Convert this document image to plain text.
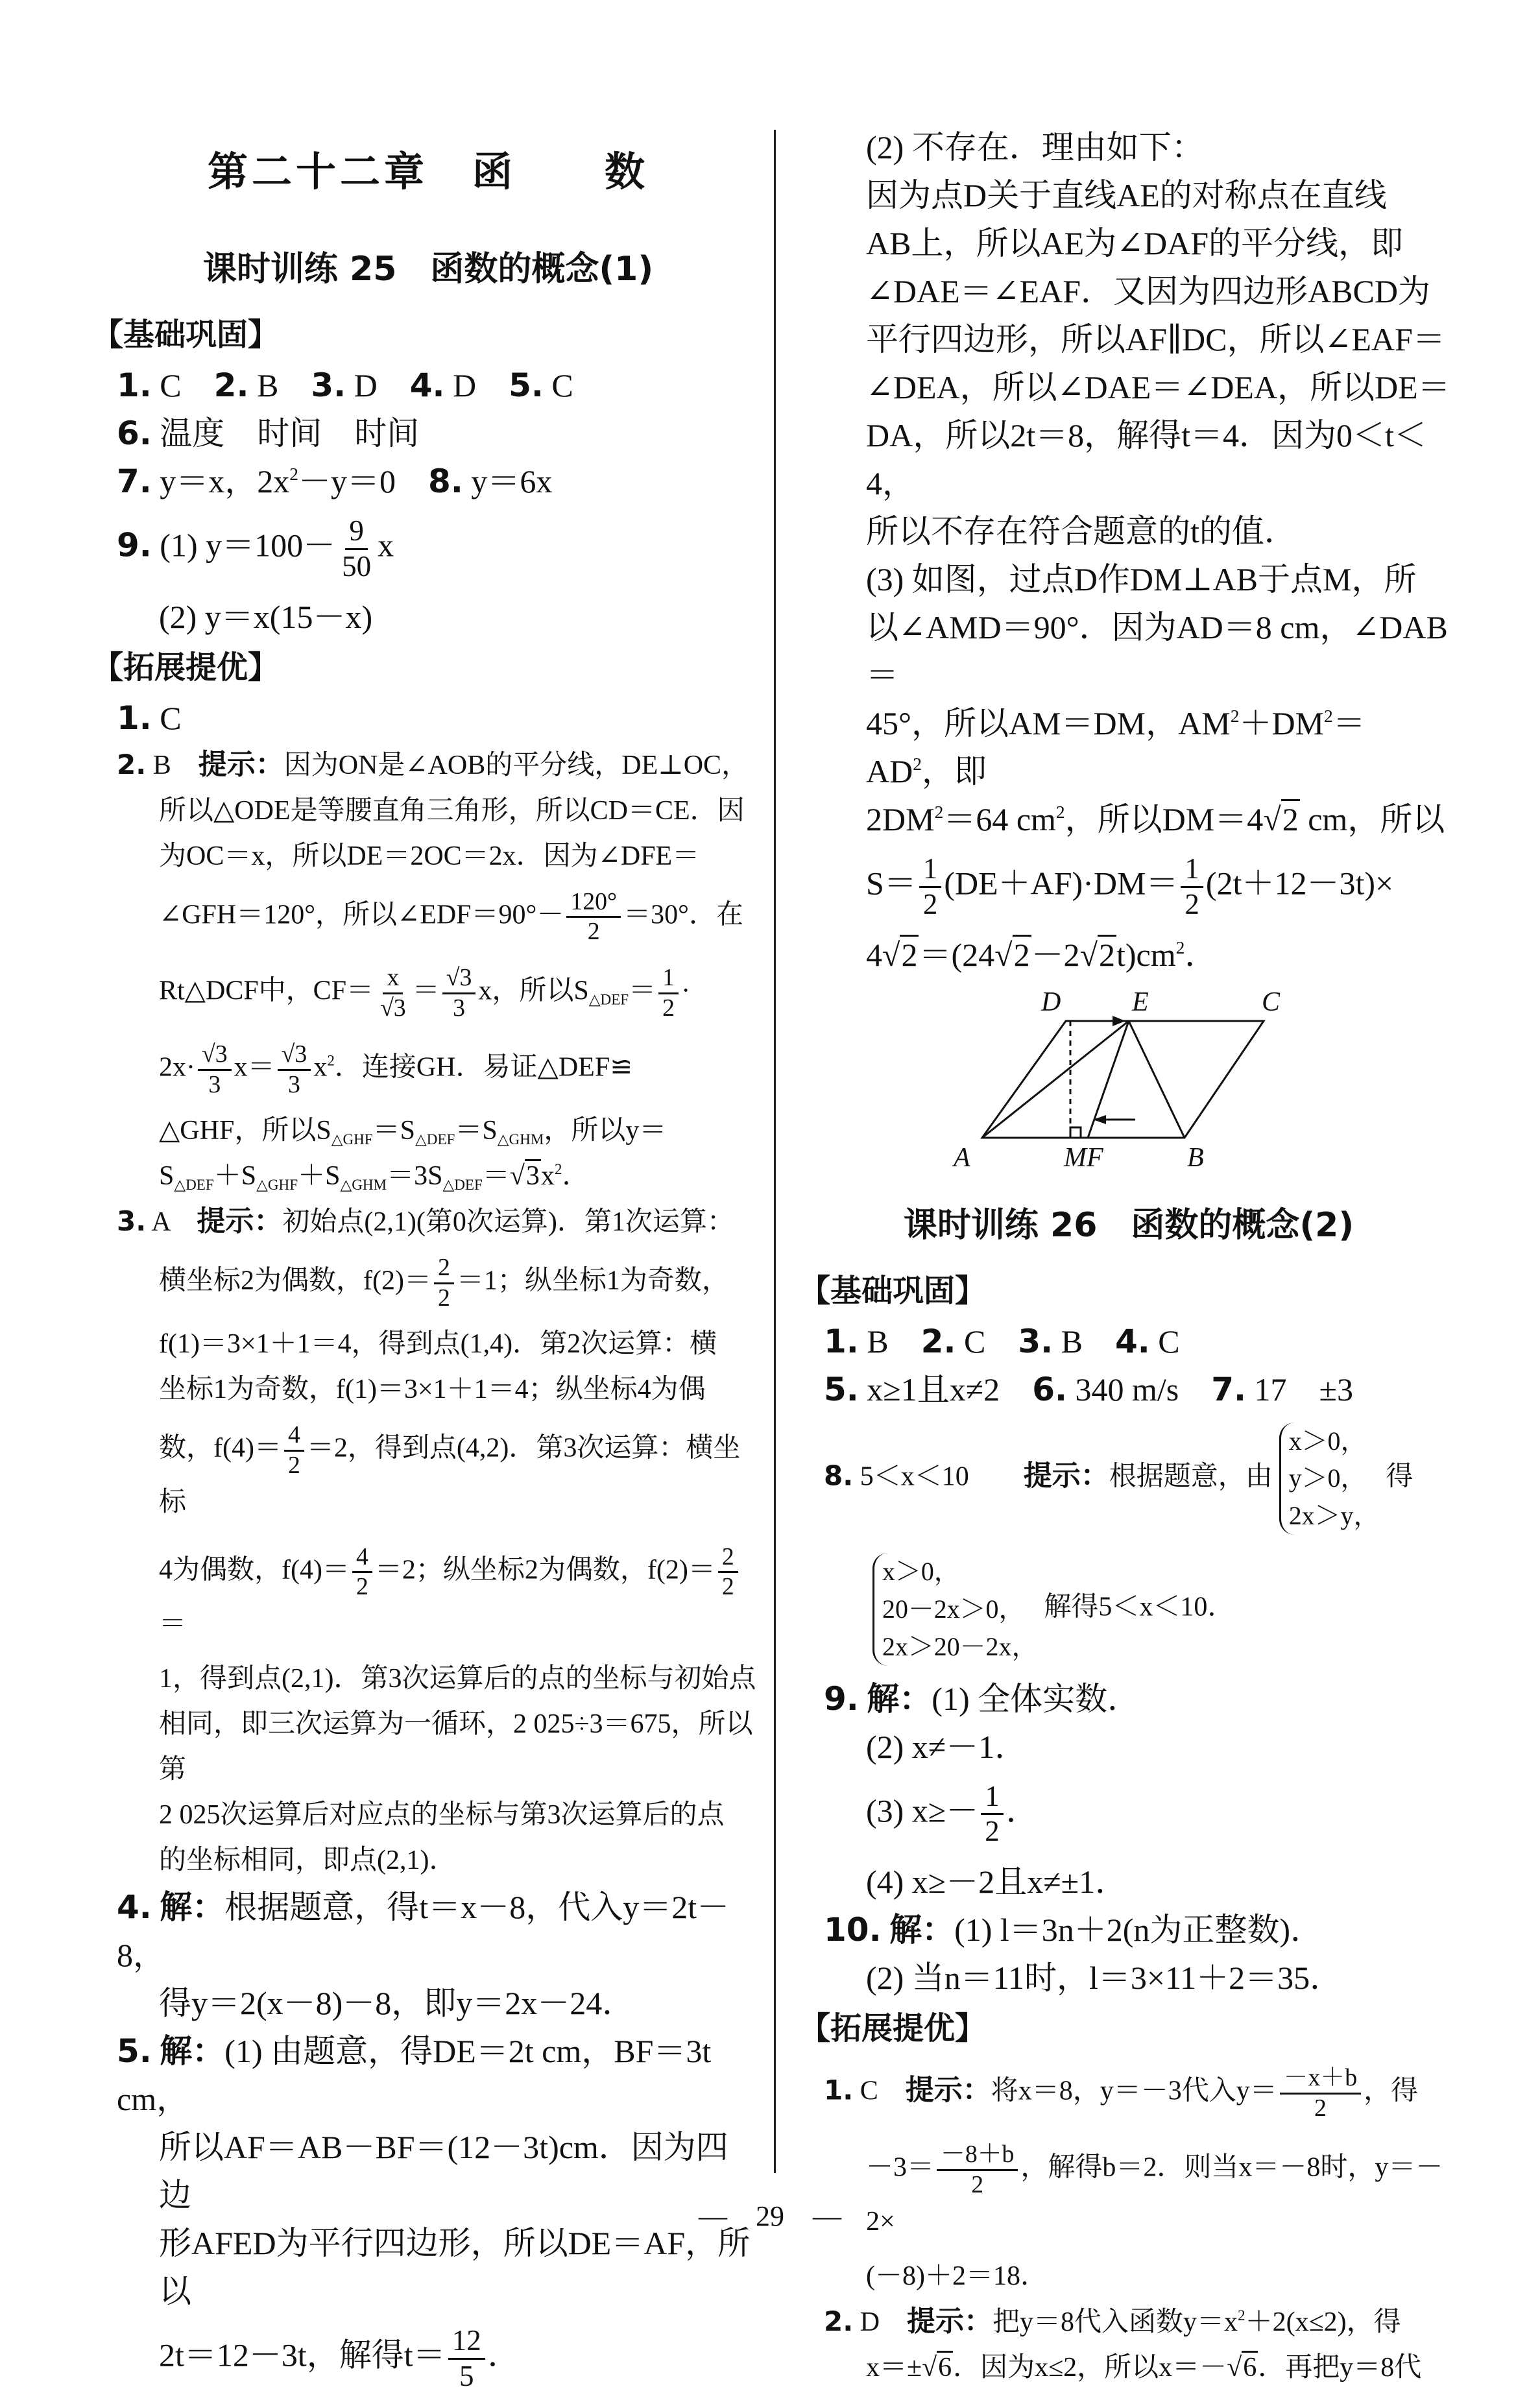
第二十二章　函　　数
课时训练 25　函数的概念(1)
【基础巩固】
1. C　2. B　3. D　4. D　5. C
6. 温度　时间　时间
7. y＝x，$2x^2-y=0$　8. y＝6x
9. (1) $y=100- \frac{9}{50}$ x
(2) y＝x(15－x)
【拓展提优】
1. C
2. B　提示：因为ON是∠AOB的平分线，DE⊥OC，
所以△ODE是等腰直角三角形，所以CD＝CE．因
为OC＝x，所以DE＝2OC＝2x．因为∠DFE＝
∠GFH＝120°，所以∠EDF＝90°－ $\frac{120^\circ}{2} =30^\circ$．在
Rt△DCF中，$CF= \frac{x}{√3} = \frac{√3}{3}$ x，所以$S_{\triangle DEF}= \frac{1}{2}$ ·
$2x\cdot \frac{√3}{3} x= \frac{√3}{3} x^2$．连接GH．易证△DEF≌
△GHF，所以$S_{\triangle GHF}=S_{\triangle DEF}=S_{\triangle GHM}$，所以y＝
$S_{\triangle DEF}+S_{\triangle GHF}+S_{\triangle GHM}=3S_{\triangle DEF}=√3x^2$．
3. A　提示：初始点(2,1)(第0次运算)．第1次运算：
横坐标2为偶数，$f(2)= \frac{2}{2} =1$；纵坐标1为奇数，
f(1)＝3×1＋1＝4，得到点(1,4)．第2次运算：横
坐标1为奇数，f(1)＝3×1＋1＝4；纵坐标4为偶
数，$f(4)= \frac{4}{2} =2$，得到点(4,2)．第3次运算：横坐标
4为偶数，$f(4)= \frac{4}{2} =2$；纵坐标2为偶数，$f(2)= \frac{2}{2}$
＝
1，得到点(2,1)．第3次运算后的点的坐标与初始点
相同，即三次运算为一循环，2 025÷3＝675，所以第
2 025次运算后对应点的坐标与第3次运算后的点
的坐标相同，即点(2,1)．
4. 解：根据题意，得t＝x－8，代入y＝2t－8，
得y＝2(x－8)－8，即y＝2x－24．
5. 解：(1) 由题意，得DE＝2t cm，BF＝3t cm，
所以AF＝AB－BF＝(12－3t)cm．因为四边
形AFED为平行四边形，所以DE＝AF，所以
2t＝12－3t，解得$t= \frac{12}{5}$ ．
(2) 不存在．理由如下：
因为点D关于直线AE的对称点在直线
AB上，所以AE为∠DAF的平分线，即
∠DAE＝∠EAF．又因为四边形ABCD为
平行四边形，所以AF∥DC，所以∠EAF＝
∠DEA，所以∠DAE＝∠DEA，所以DE＝
DA，所以2t＝8，解得t＝4．因为0＜t＜4，
所以不存在符合题意的t的值．
(3) 如图，过点D作DM⊥AB于点M，所
以∠AMD＝90°．因为AD＝8 cm，∠DAB＝
45°，所以AM＝DM，$AM^2+DM^2=AD^2$，即
$2DM^2=64$ $cm^2$，所以DM＝4√2 cm，所以
$S= \frac{1}{2} (DE+AF)\cdot DM= \frac{1}{2} (2t+12-3t)\times$
$4√2=(24√2-2√2t)cm^2$．
D	E	C
A	MF	B
课时训练 26　函数的概念(2)
【基础巩固】
1. B　2. C　3. B　4. C
5. x≥1且x≠2　6. 340 m/s　7. 17　±3
8. 5＜x＜10　　提示：根据题意，由
x＞0，
y＞0，
2x＞y，
得
x＞0，
20－2x＞0，
2x＞20－2x，
解得5＜x＜10．
9. 解：(1) 全体实数．
(2) x≠－1．
(3) $x\ge- \frac{1}{2}$ ．
(4) x≥－2且x≠±1．
10. 解：(1) l＝3n＋2(n为正整数)．
(2) 当n＝11时，l＝3×11＋2＝35．
【拓展提优】
1. C　提示：将x＝8，y＝－3代入$y= \frac{-x+b}{2}$ ，得
$-3= \frac{-8+b}{2}$ ，解得b＝2．则当x＝－8时，y＝－2×
(－8)＋2＝18．
2. D　提示：把y＝8代入函数$y=x^2+2(x\le 2)$，得
x＝±√6．因为x≤2，所以x＝－√6．再把y＝8代
—　29　—
